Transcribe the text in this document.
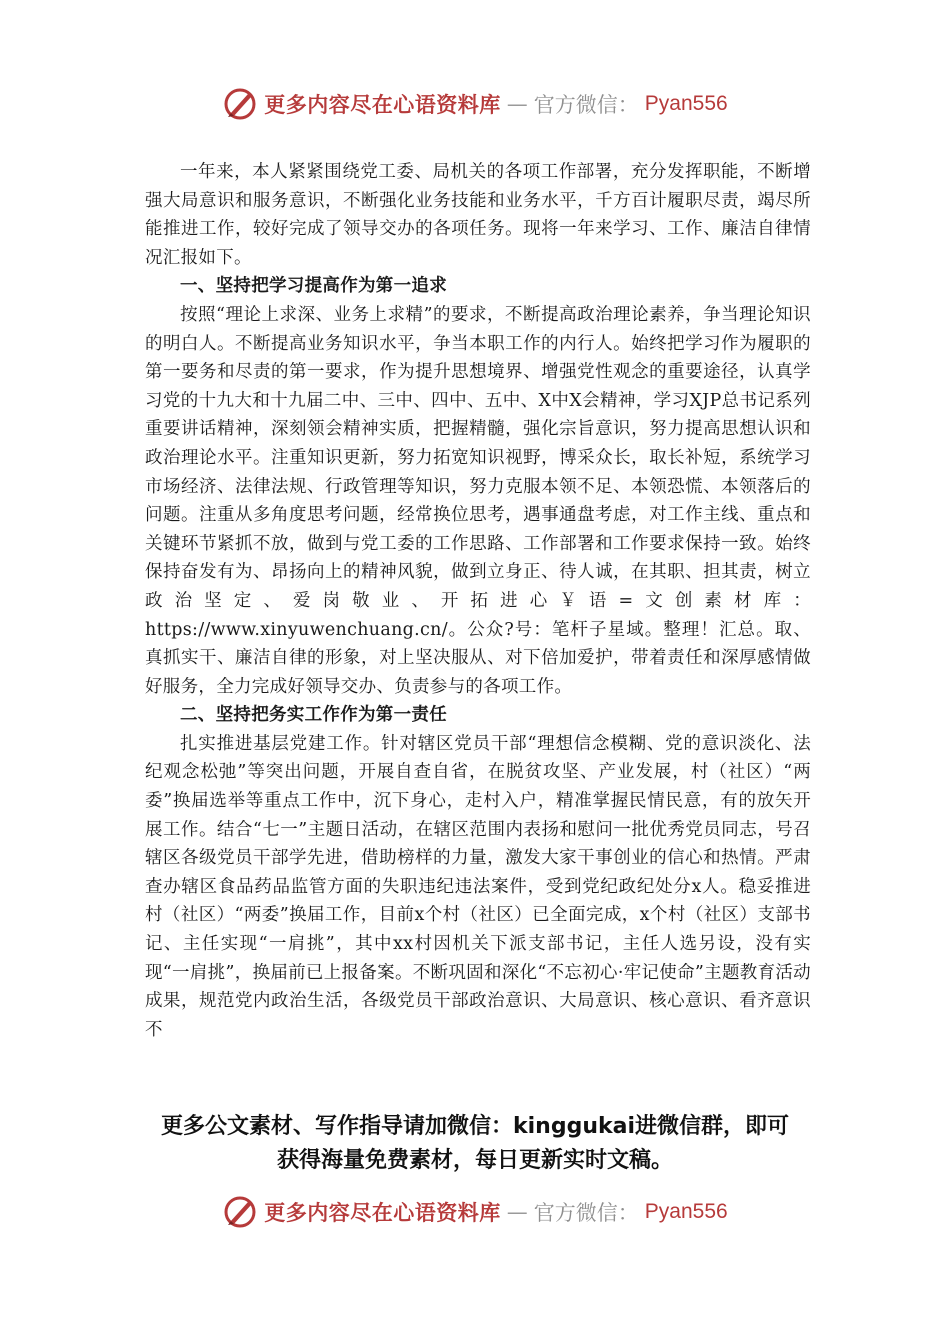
更多内容尽在心语资料库 — 官方微信： Pyan556

一年来，本人紧紧围绕党工委、局机关的各项工作部署，充分发挥职能，不断增强大局意识和服务意识，不断强化业务技能和业务水平，千方百计履职尽责，竭尽所能推进工作，较好完成了领导交办的各项任务。现将一年来学习、工作、廉洁自律情况汇报如下。

一、坚持把学习提高作为第一追求

按照“理论上求深、业务上求精”的要求，不断提高政治理论素养，争当理论知识的明白人。不断提高业务知识水平，争当本职工作的内行人。始终把学习作为履职的第一要务和尽责的第一要求，作为提升思想境界、增强党性观念的重要途径，认真学习党的十九大和十九届二中、三中、四中、五中、X中X会精神，学习XJP总书记系列重要讲话精神，深刻领会精神实质，把握精髓，强化宗旨意识，努力提高思想认识和政治理论水平。注重知识更新，努力拓宽知识视野，博采众长，取长补短，系统学习市场经济、法律法规、行政管理等知识，努力克服本领不足、本领恐慌、本领落后的问题。注重从多角度思考问题，经常换位思考，遇事通盘考虑，对工作主线、重点和关键环节紧抓不放，做到与党工委的工作思路、工作部署和工作要求保持一致。始终保持奋发有为、昂扬向上的精神风貌，做到立身正、待人诚，在其职、担其责，树立政治坚定、爱岗敬业、开拓进心￥语=文创素材库：https://www.xinyuwenchuang.cn/。公众?号：笔杆子星域。整理！汇总。取、真抓实干、廉洁自律的形象，对上坚决服从、对下倍加爱护，带着责任和深厚感情做好服务，全力完成好领导交办、负责参与的各项工作。

二、坚持把务实工作作为第一责任

扎实推进基层党建工作。针对辖区党员干部“理想信念模糊、党的意识淡化、法纪观念松弛”等突出问题，开展自查自省，在脱贫攻坚、产业发展，村（社区）“两委”换届选举等重点工作中，沉下身心，走村入户，精准掌握民情民意，有的放矢开展工作。结合“七一”主题日活动，在辖区范围内表扬和慰问一批优秀党员同志，号召辖区各级党员干部学先进，借助榜样的力量，激发大家干事创业的信心和热情。严肃查办辖区食品药品监管方面的失职违纪违法案件，受到党纪政纪处分x人。稳妥推进村（社区）“两委”换届工作，目前x个村（社区）已全面完成，x个村（社区）支部书记、主任实现“一肩挑”，其中xx村因机关下派支部书记，主任人选另设，没有实现“一肩挑”，换届前已上报备案。不断巩固和深化“不忘初心·牢记使命”主题教育活动成果，规范党内政治生活，各级党员干部政治意识、大局意识、核心意识、看齐意识不

更多公文素材、写作指导请加微信：kinggukai进微信群，即可
获得海量免费素材，每日更新实时文稿。
更多内容尽在心语资料库 — 官方微信： Pyan556
